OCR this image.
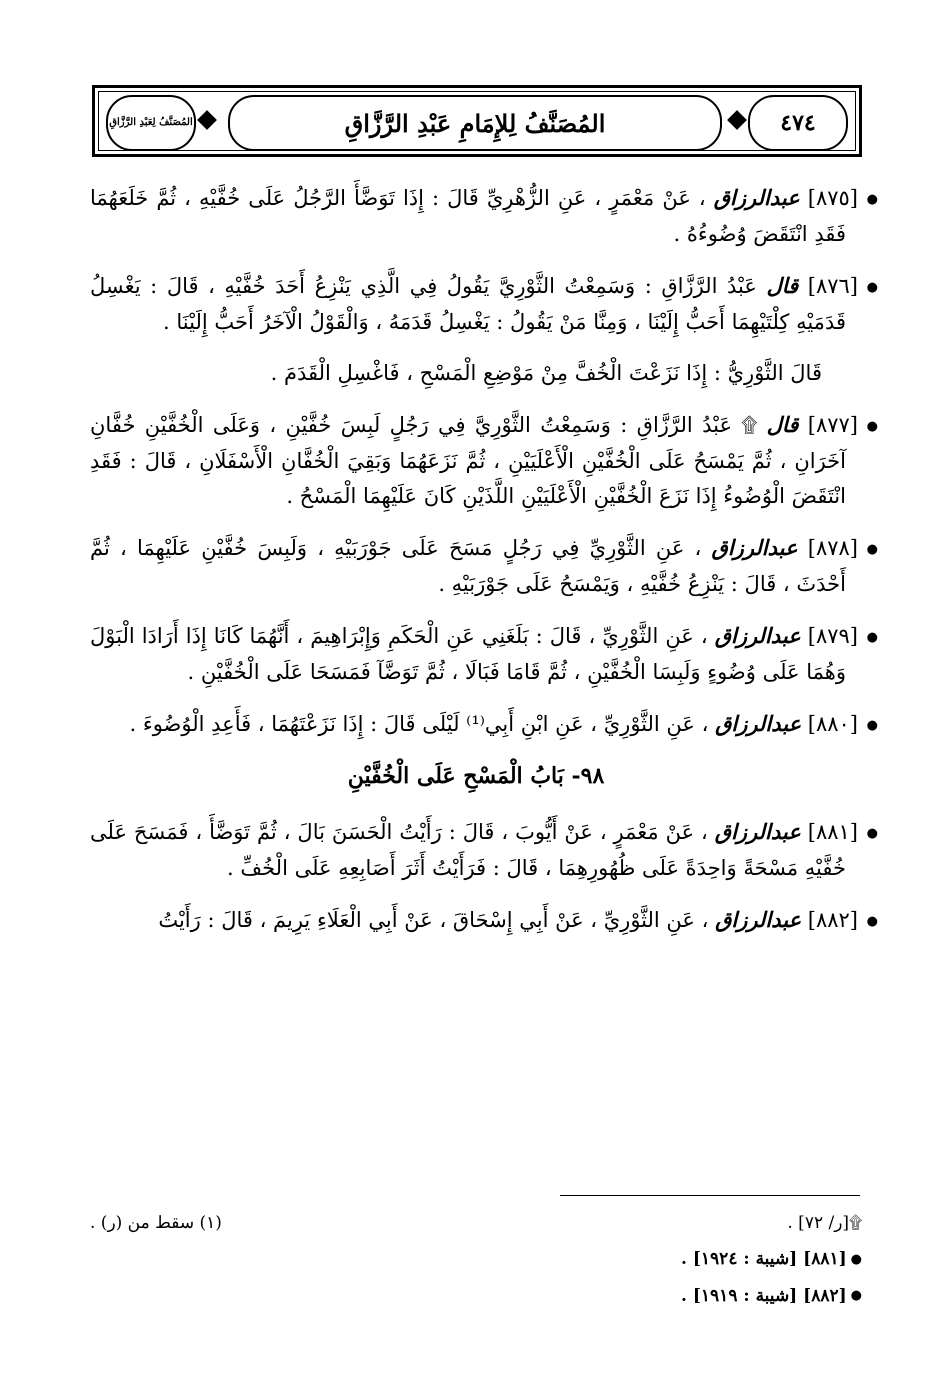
٤٧٤
المُصَنَّفُ لِلإِمَامِ عَبْدِ الرَّزَّاقِ
المُصَنَّفُ لِعَبْدِ الرَّزَّاقِ

●[٨٧٥] عبدالرزاق ، عَنْ مَعْمَرٍ ، عَنِ الزُّهْرِيِّ قَالَ : إِذَا تَوَضَّأَ الرَّجُلُ عَلَى خُفَّيْهِ ، ثُمَّ خَلَعَهُمَا فَقَدِ انْتَقَضَ وُضُوءُهُ .

●[٨٧٦] قال عَبْدُ الرَّزَّاقِ : وَسَمِعْتُ الثَّوْرِيَّ يَقُولُ فِي الَّذِي يَنْزِعُ أَحَدَ خُفَّيْهِ ، قَالَ : يَغْسِلُ قَدَمَيْهِ كِلْتَيْهِمَا أَحَبُّ إِلَيْنَا ، وَمِنَّا مَنْ يَقُولُ : يَغْسِلُ قَدَمَهُ ، وَالْقَوْلُ الْآخَرُ أَحَبُّ إِلَيْنَا .

قَالَ الثَّوْرِيُّ : إِذَا نَزَعْتَ الْخُفَّ مِنْ مَوْضِعِ الْمَسْحِ ، فَاغْسِلِ الْقَدَمَ .

●[٨٧٧] قال ۩ عَبْدُ الرَّزَّاقِ : وَسَمِعْتُ الثَّوْرِيَّ فِي رَجُلٍ لَبِسَ خُفَّيْنِ ، وَعَلَى الْخُفَّيْنِ خُفَّانِ آخَرَانِ ، ثُمَّ يَمْسَحُ عَلَى الْخُفَّيْنِ الْأَعْلَيَيْنِ ، ثُمَّ نَزَعَهُمَا وَبَقِيَ الْخُفَّانِ الْأَسْفَلَانِ ، قَالَ : فَقَدِ انْتَقَضَ الْوُضُوءُ إِذَا نَزَعَ الْخُفَّيْنِ الْأَعْلَيَيْنِ اللَّذَيْنِ كَانَ عَلَيْهِمَا الْمَسْحُ .

●[٨٧٨] عبدالرزاق ، عَنِ الثَّوْرِيِّ فِي رَجُلٍ مَسَحَ عَلَى جَوْرَبَيْهِ ، وَلَبِسَ خُفَّيْنِ عَلَيْهِمَا ، ثُمَّ أَحْدَثَ ، قَالَ : يَنْزِعُ خُفَّيْهِ ، وَيَمْسَحُ عَلَى جَوْرَبَيْهِ .

●[٨٧٩] عبدالرزاق ، عَنِ الثَّوْرِيِّ ، قَالَ : بَلَغَنِي عَنِ الْحَكَمِ وَإِبْرَاهِيمَ ، أَنَّهُمَا كَانَا إِذَا أَرَادَا الْبَوْلَ وَهُمَا عَلَى وُضُوءٍ وَلَبِسَا الْخُفَّيْنِ ، ثُمَّ قَامَا فَبَالَا ، ثُمَّ تَوَضَّآ فَمَسَحَا عَلَى الْخُفَّيْنِ .

●[٨٨٠] عبدالرزاق ، عَنِ الثَّوْرِيِّ ، عَنِ ابْنِ أَبِي⁽¹⁾ لَيْلَى قَالَ : إِذَا نَزَعْتَهُمَا ، فَأَعِدِ الْوُضُوءَ .

٩٨- بَابُ الْمَسْحِ عَلَى الْخُفَّيْنِ

●[٨٨١] عبدالرزاق ، عَنْ مَعْمَرٍ ، عَنْ أَيُّوبَ ، قَالَ : رَأَيْتُ الْحَسَنَ بَالَ ، ثُمَّ تَوَضَّأَ ، فَمَسَحَ عَلَى خُفَّيْهِ مَسْحَةً وَاحِدَةً عَلَى ظُهُورِهِمَا ، قَالَ : فَرَأَيْتُ أَثَرَ أَصَابِعِهِ عَلَى الْخُفِّ .

●[٨٨٢] عبدالرزاق ، عَنِ الثَّوْرِيِّ ، عَنْ أَبِي إِسْحَاقَ ، عَنْ أَبِي الْعَلَاءِ يَرِيمَ ، قَالَ : رَأَيْتُ

۩[ر/ ٧٢] .
(١) سقط من (ر) .
●[٨٨١] [شيبة : ١٩٢٤] .
●[٨٨٢] [شيبة : ١٩١٩] .
